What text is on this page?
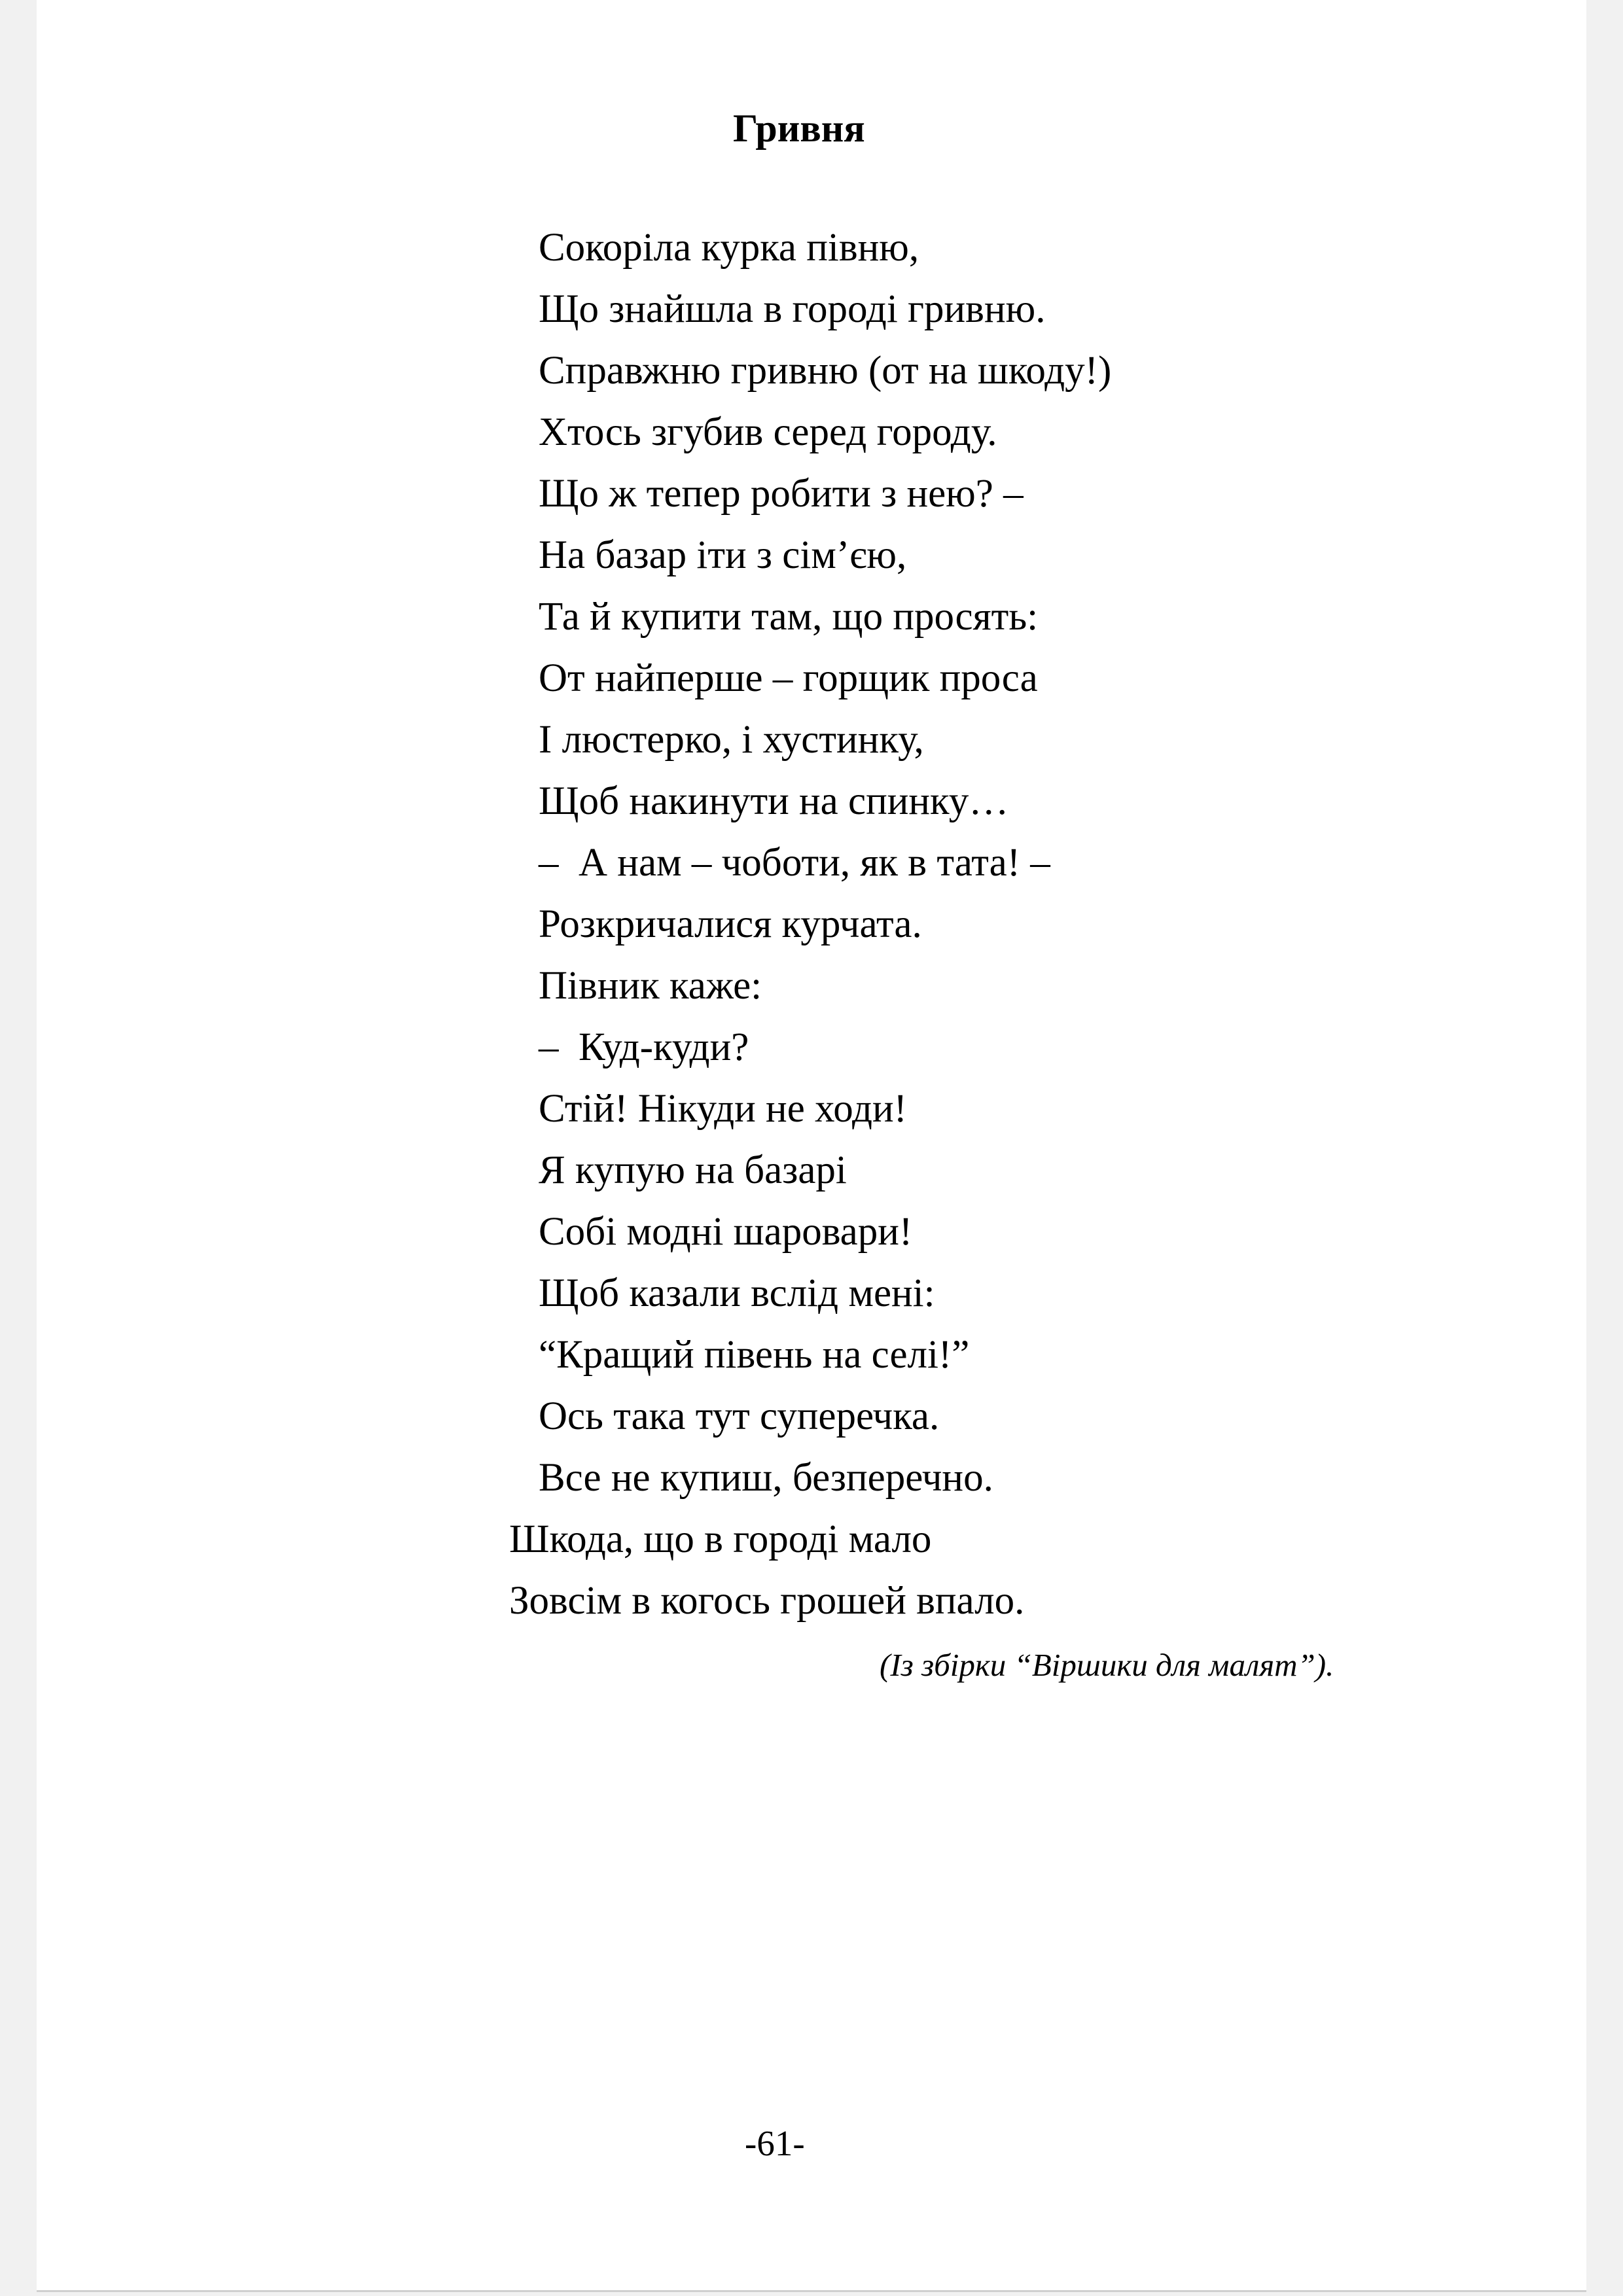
Гривня
Сокоріла курка півню,
Що знайшла в городі гривню.
Справжню гривню (от на шкоду!)
Хтось згубив серед городу.
Що ж тепер робити з нею? –
На базар іти з сім’єю,
Та й купити там, що просять:
От найперше – горщик проса
І люстерко, і хустинку,
Щоб накинути на спинку…
–  А нам – чоботи, як в тата! –
Розкричалися курчата.
Півник каже:
–  Куд-куди?
Стій! Нікуди не ходи!
Я купую на базарі
Собі модні шаровари!
Щоб казали вслід мені:
“Кращий півень на селі!”
Ось така тут суперечка.
Все не купиш, безперечно.
Шкода, що в городі мало
Зовсім в когось грошей впало.
(Із збірки “Віршики для малят”).
-61-
